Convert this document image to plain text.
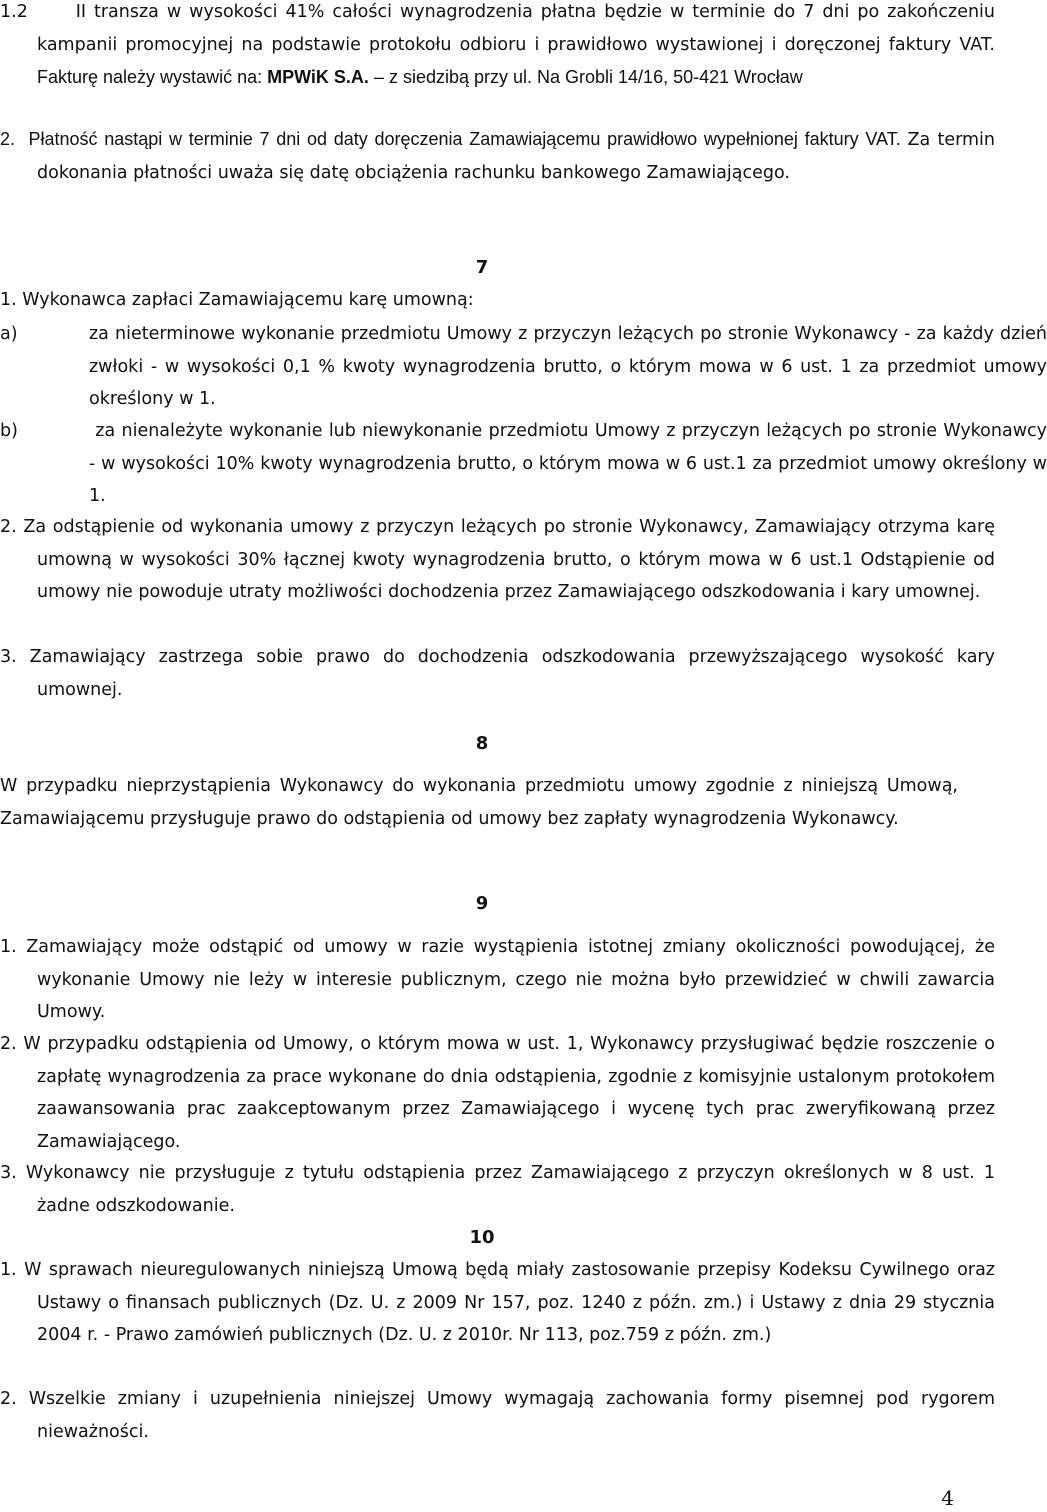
1.2      II transza w wysokości 41% całości wynagrodzenia płatna będzie w terminie do 7 dni po zakończeniu kampanii promocyjnej na podstawie protokołu odbioru i prawidłowo wystawionej i doręczonej faktury VAT. Fakturę należy wystawić na: MPWiK S.A. – z siedzibą przy ul. Na Grobli 14/16, 50-421 Wrocław

2.  Płatność nastąpi w terminie 7 dni od daty doręczenia Zamawiającemu prawidłowo wypełnionej faktury VAT. Za termin dokonania płatności uważa się datę obciążenia rachunku bankowego Zamawiającego.

7

1. Wykonawca zapłaci Zamawiającemu karę umowną:

a)	za nieterminowe wykonanie przedmiotu Umowy z przyczyn leżących po stronie Wykonawcy - za każdy dzień zwłoki - w wysokości 0,1 % kwoty wynagrodzenia brutto, o którym mowa w 6 ust. 1 za przedmiot umowy określony w 1.

b)	za nienależyte wykonanie lub niewykonanie przedmiotu Umowy z przyczyn leżących po stronie Wykonawcy - w wysokości 10% kwoty wynagrodzenia brutto, o którym mowa w 6 ust.1 za przedmiot umowy określony w 1.

2. Za odstąpienie od wykonania umowy z przyczyn leżących po stronie Wykonawcy, Zamawiający otrzyma karę umowną w wysokości 30% łącznej kwoty wynagrodzenia brutto, o którym mowa w 6 ust.1 Odstąpienie od umowy nie powoduje utraty możliwości dochodzenia przez Zamawiającego odszkodowania i kary umownej.

3. Zamawiający zastrzega sobie prawo do dochodzenia odszkodowania przewyższającego wysokość kary umownej.

8

W przypadku nieprzystąpienia Wykonawcy do wykonania przedmiotu umowy zgodnie z niniejszą Umową, Zamawiającemu przysługuje prawo do odstąpienia od umowy bez zapłaty wynagrodzenia Wykonawcy.

9

1. Zamawiający może odstąpić od umowy w razie wystąpienia istotnej zmiany okoliczności powodującej, że wykonanie Umowy nie leży w interesie publicznym, czego nie można było przewidzieć w chwili zawarcia Umowy.

2. W przypadku odstąpienia od Umowy, o którym mowa w ust. 1, Wykonawcy przysługiwać będzie roszczenie o zapłatę wynagrodzenia za prace wykonane do dnia odstąpienia, zgodnie z komisyjnie ustalonym protokołem zaawansowania prac zaakceptowanym przez Zamawiającego i wycenę tych prac zweryfikowaną przez Zamawiającego.

3. Wykonawcy nie przysługuje z tytułu odstąpienia przez Zamawiającego z przyczyn określonych w 8 ust. 1 żadne odszkodowanie.

10

1. W sprawach nieuregulowanych niniejszą Umową będą miały zastosowanie przepisy Kodeksu Cywilnego oraz Ustawy o finansach publicznych (Dz. U. z 2009 Nr 157, poz. 1240 z późn. zm.) i Ustawy z dnia 29 stycznia 2004 r. - Prawo zamówień publicznych (Dz. U. z 2010r. Nr 113, poz.759 z późn. zm.)

2. Wszelkie zmiany i uzupełnienia niniejszej Umowy wymagają zachowania formy pisemnej pod rygorem nieważności.

4
